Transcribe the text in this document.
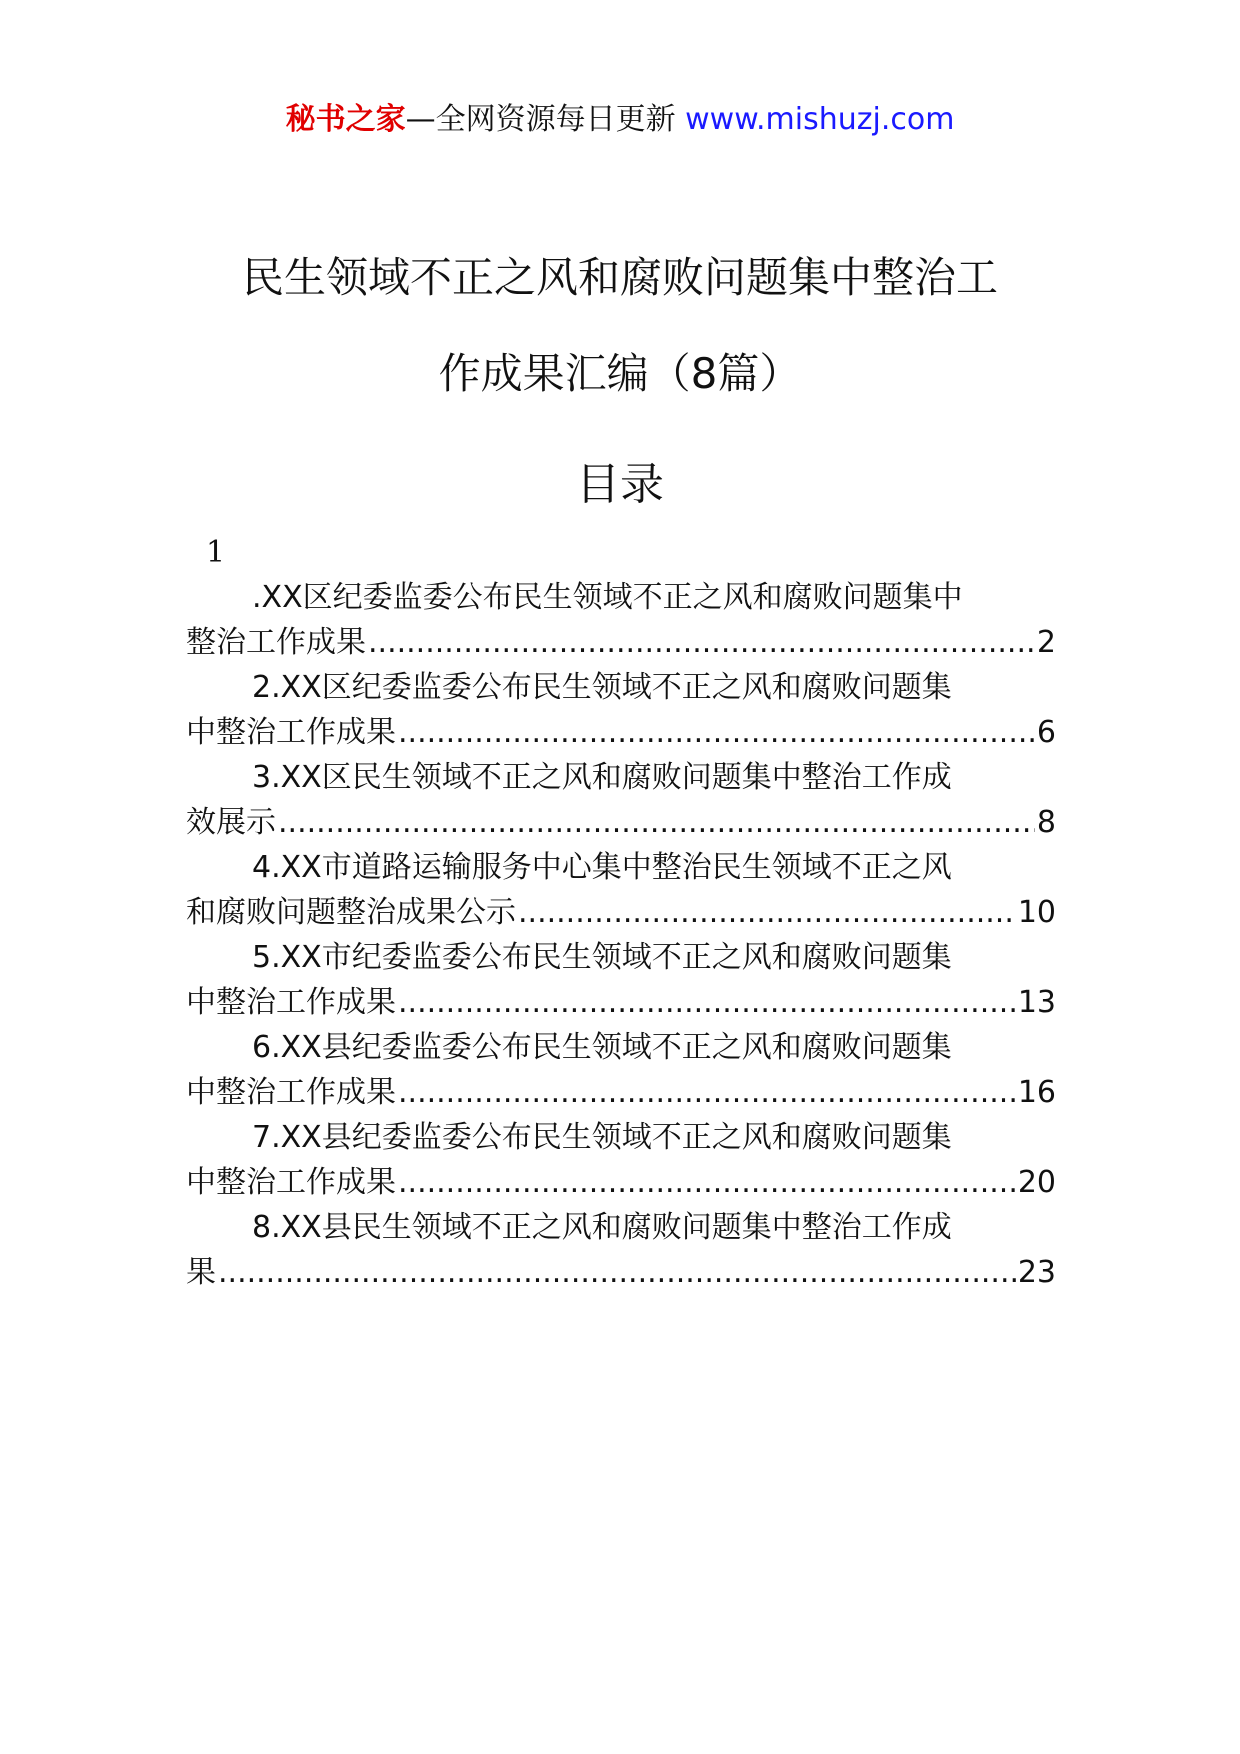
秘书之家—全网资源每日更新 www.mishuzj.com
民生领域不正之风和腐败问题集中整治工
作成果汇编（8篇）
目录
1
.XX区纪委监委公布民生领域不正之风和腐败问题集中
整治工作成果 .....	2
2.XX区纪委监委公布民生领域不正之风和腐败问题集
中整治工作成果 .....	6
3.XX区民生领域不正之风和腐败问题集中整治工作成
效展示 .....	8
4.XX市道路运输服务中心集中整治民生领域不正之风
和腐败问题整治成果公示 .....	10
5.XX市纪委监委公布民生领域不正之风和腐败问题集
中整治工作成果 .....	13
6.XX县纪委监委公布民生领域不正之风和腐败问题集
中整治工作成果 .....	16
7.XX县纪委监委公布民生领域不正之风和腐败问题集
中整治工作成果 .....	20
8.XX县民生领域不正之风和腐败问题集中整治工作成
果 .....	23
